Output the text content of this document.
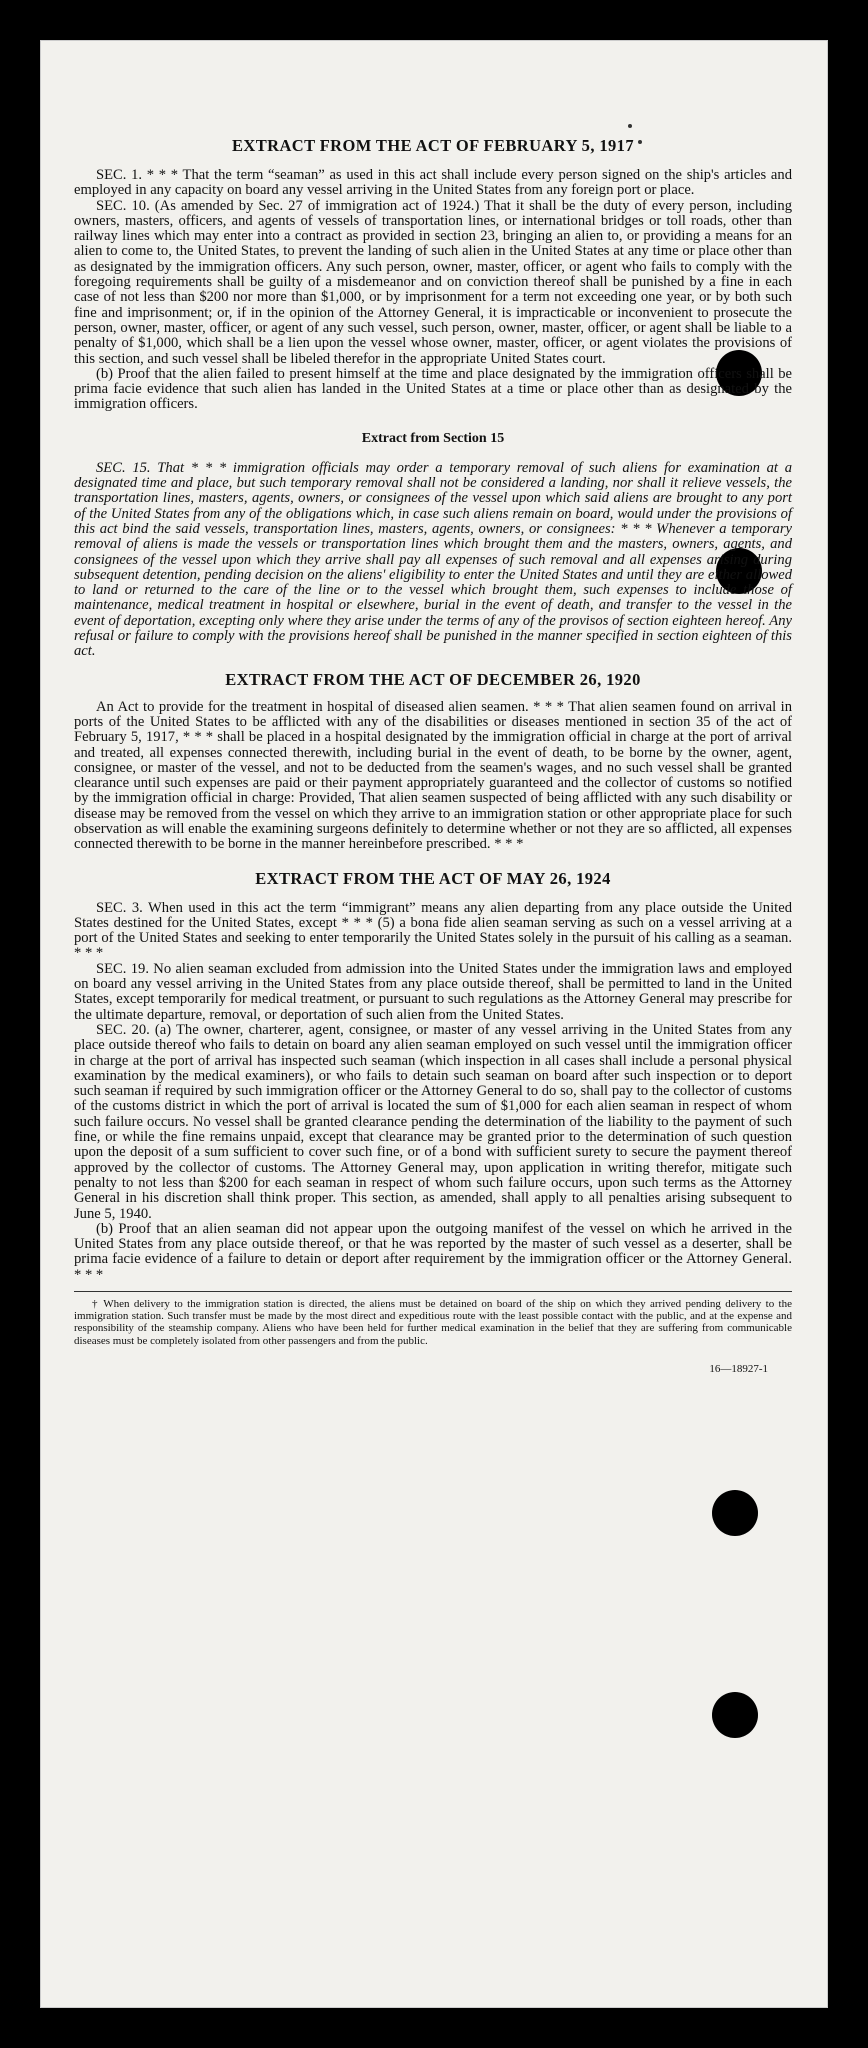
EXTRACT FROM THE ACT OF FEBRUARY 5, 1917

SEC. 1. * * * That the term “seaman” as used in this act shall include every person signed on the ship's articles and employed in any capacity on board any vessel arriving in the United States from any foreign port or place.

SEC. 10. (As amended by Sec. 27 of immigration act of 1924.) That it shall be the duty of every person, including owners, masters, officers, and agents of vessels of transportation lines, or international bridges or toll roads, other than railway lines which may enter into a contract as provided in section 23, bringing an alien to, or providing a means for an alien to come to, the United States, to prevent the landing of such alien in the United States at any time or place other than as designated by the immigration officers. Any such person, owner, master, officer, or agent who fails to comply with the foregoing requirements shall be guilty of a misdemeanor and on conviction thereof shall be punished by a fine in each case of not less than $200 nor more than $1,000, or by imprisonment for a term not exceeding one year, or by both such fine and imprisonment; or, if in the opinion of the Attorney General, it is impracticable or inconvenient to prosecute the person, owner, master, officer, or agent of any such vessel, such person, owner, master, officer, or agent shall be liable to a penalty of $1,000, which shall be a lien upon the vessel whose owner, master, officer, or agent violates the provisions of this section, and such vessel shall be libeled therefor in the appropriate United States court.

(b) Proof that the alien failed to present himself at the time and place designated by the immigration officers shall be prima facie evidence that such alien has landed in the United States at a time or place other than as designated by the immigration officers.

Extract from Section 15

SEC. 15. That * * * immigration officials may order a temporary removal of such aliens for examination at a designated time and place, but such temporary removal shall not be considered a landing, nor shall it relieve vessels, the transportation lines, masters, agents, owners, or consignees of the vessel upon which said aliens are brought to any port of the United States from any of the obligations which, in case such aliens remain on board, would under the provisions of this act bind the said vessels, transportation lines, masters, agents, owners, or consignees: * * * Whenever a temporary removal of aliens is made the vessels or transportation lines which brought them and the masters, owners, agents, and consignees of the vessel upon which they arrive shall pay all expenses of such removal and all expenses arising during subsequent detention, pending decision on the aliens' eligibility to enter the United States and until they are either allowed to land or returned to the care of the line or to the vessel which brought them, such expenses to include those of maintenance, medical treatment in hospital or elsewhere, burial in the event of death, and transfer to the vessel in the event of deportation, excepting only where they arise under the terms of any of the provisos of section eighteen hereof. Any refusal or failure to comply with the provisions hereof shall be punished in the manner specified in section eighteen of this act.

EXTRACT FROM THE ACT OF DECEMBER 26, 1920

An Act to provide for the treatment in hospital of diseased alien seamen. * * * That alien seamen found on arrival in ports of the United States to be afflicted with any of the disabilities or diseases mentioned in section 35 of the act of February 5, 1917, * * * shall be placed in a hospital designated by the immigration official in charge at the port of arrival and treated, all expenses connected therewith, including burial in the event of death, to be borne by the owner, agent, consignee, or master of the vessel, and not to be deducted from the seamen's wages, and no such vessel shall be granted clearance until such expenses are paid or their payment appropriately guaranteed and the collector of customs so notified by the immigration official in charge: Provided, That alien seamen suspected of being afflicted with any such disability or disease may be removed from the vessel on which they arrive to an immigration station or other appropriate place for such observation as will enable the examining surgeons definitely to determine whether or not they are so afflicted, all expenses connected therewith to be borne in the manner hereinbefore prescribed. * * *

EXTRACT FROM THE ACT OF MAY 26, 1924

SEC. 3. When used in this act the term “immigrant” means any alien departing from any place outside the United States destined for the United States, except * * * (5) a bona fide alien seaman serving as such on a vessel arriving at a port of the United States and seeking to enter temporarily the United States solely in the pursuit of his calling as a seaman. * * *

SEC. 19. No alien seaman excluded from admission into the United States under the immigration laws and employed on board any vessel arriving in the United States from any place outside thereof, shall be permitted to land in the United States, except temporarily for medical treatment, or pursuant to such regulations as the Attorney General may prescribe for the ultimate departure, removal, or deportation of such alien from the United States.

SEC. 20. (a) The owner, charterer, agent, consignee, or master of any vessel arriving in the United States from any place outside thereof who fails to detain on board any alien seaman employed on such vessel until the immigration officer in charge at the port of arrival has inspected such seaman (which inspection in all cases shall include a personal physical examination by the medical examiners), or who fails to detain such seaman on board after such inspection or to deport such seaman if required by such immigration officer or the Attorney General to do so, shall pay to the collector of customs of the customs district in which the port of arrival is located the sum of $1,000 for each alien seaman in respect of whom such failure occurs. No vessel shall be granted clearance pending the determination of the liability to the payment of such fine, or while the fine remains unpaid, except that clearance may be granted prior to the determination of such question upon the deposit of a sum sufficient to cover such fine, or of a bond with sufficient surety to secure the payment thereof approved by the collector of customs. The Attorney General may, upon application in writing therefor, mitigate such penalty to not less than $200 for each seaman in respect of whom such failure occurs, upon such terms as the Attorney General in his discretion shall think proper. This section, as amended, shall apply to all penalties arising subsequent to June 5, 1940.

(b) Proof that an alien seaman did not appear upon the outgoing manifest of the vessel on which he arrived in the United States from any place outside thereof, or that he was reported by the master of such vessel as a deserter, shall be prima facie evidence of a failure to detain or deport after requirement by the immigration officer or the Attorney General. * * *

† When delivery to the immigration station is directed, the aliens must be detained on board of the ship on which they arrived pending delivery to the immigration station. Such transfer must be made by the most direct and expeditious route with the least possible contact with the public, and at the expense and responsibility of the steamship company. Aliens who have been held for further medical examination in the belief that they are suffering from communicable diseases must be completely isolated from other passengers and from the public.

16—18927-1
